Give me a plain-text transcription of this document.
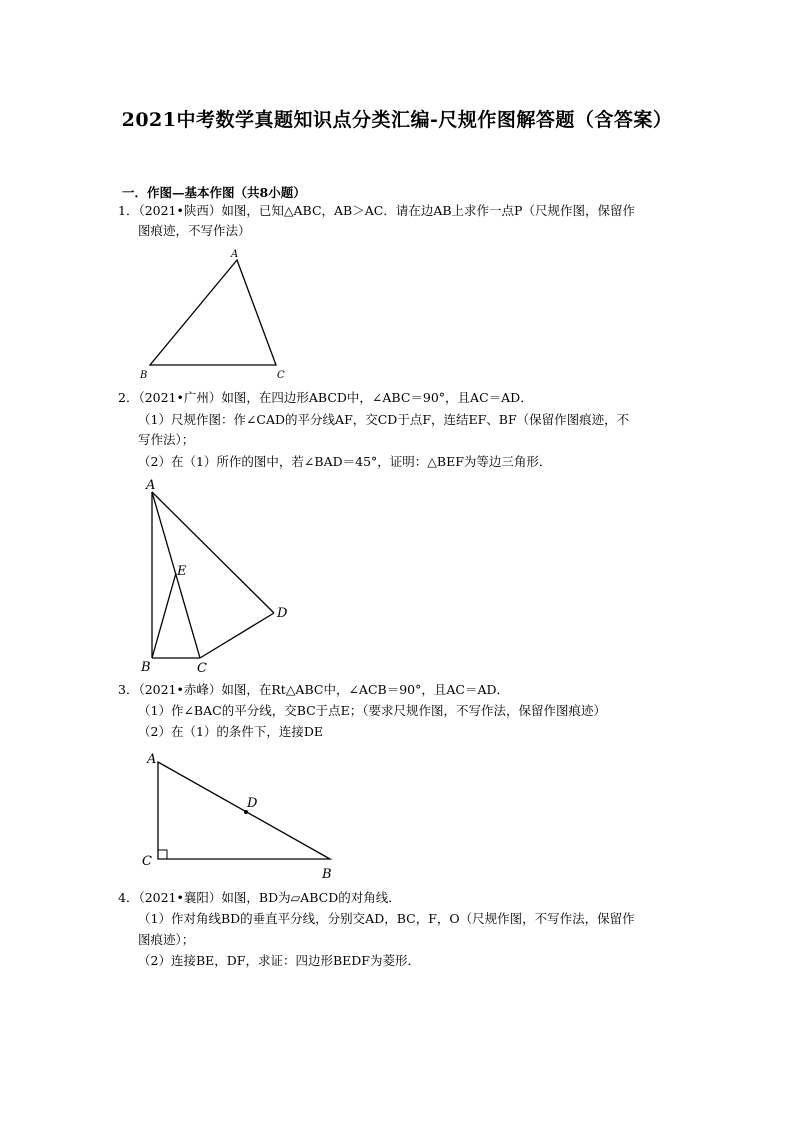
2021中考数学真题知识点分类汇编-尺规作图解答题（含答案）
一．作图—基本作图（共8小题）
1．（2021•陕西）如图，已知△ABC，AB＞AC．请在边AB上求作一点P（尺规作图，保留作
图痕迹，不写作法）
A
B	C
2．（2021•广州）如图，在四边形ABCD中，∠ABC＝90°，且AC＝AD．
（1）尺规作图：作∠CAD的平分线AF，交CD于点F，连结EF、BF（保留作图痕迹，不
写作法）；
（2）在（1）所作的图中，若∠BAD＝45°，证明：△BEF为等边三角形．
A
E
D
B	C
3．（2021•赤峰）如图，在Rt△ABC中，∠ACB＝90°，且AC＝AD．
（1）作∠BAC的平分线，交BC于点E；（要求尺规作图，不写作法，保留作图痕迹）
（2）在（1）的条件下，连接DE
A
D
C
B
4．（2021•襄阳）如图，BD为▱ABCD的对角线．
（1）作对角线BD的垂直平分线，分别交AD，BC，F，O（尺规作图，不写作法，保留作
图痕迹）；
（2）连接BE，DF，求证：四边形BEDF为菱形．
